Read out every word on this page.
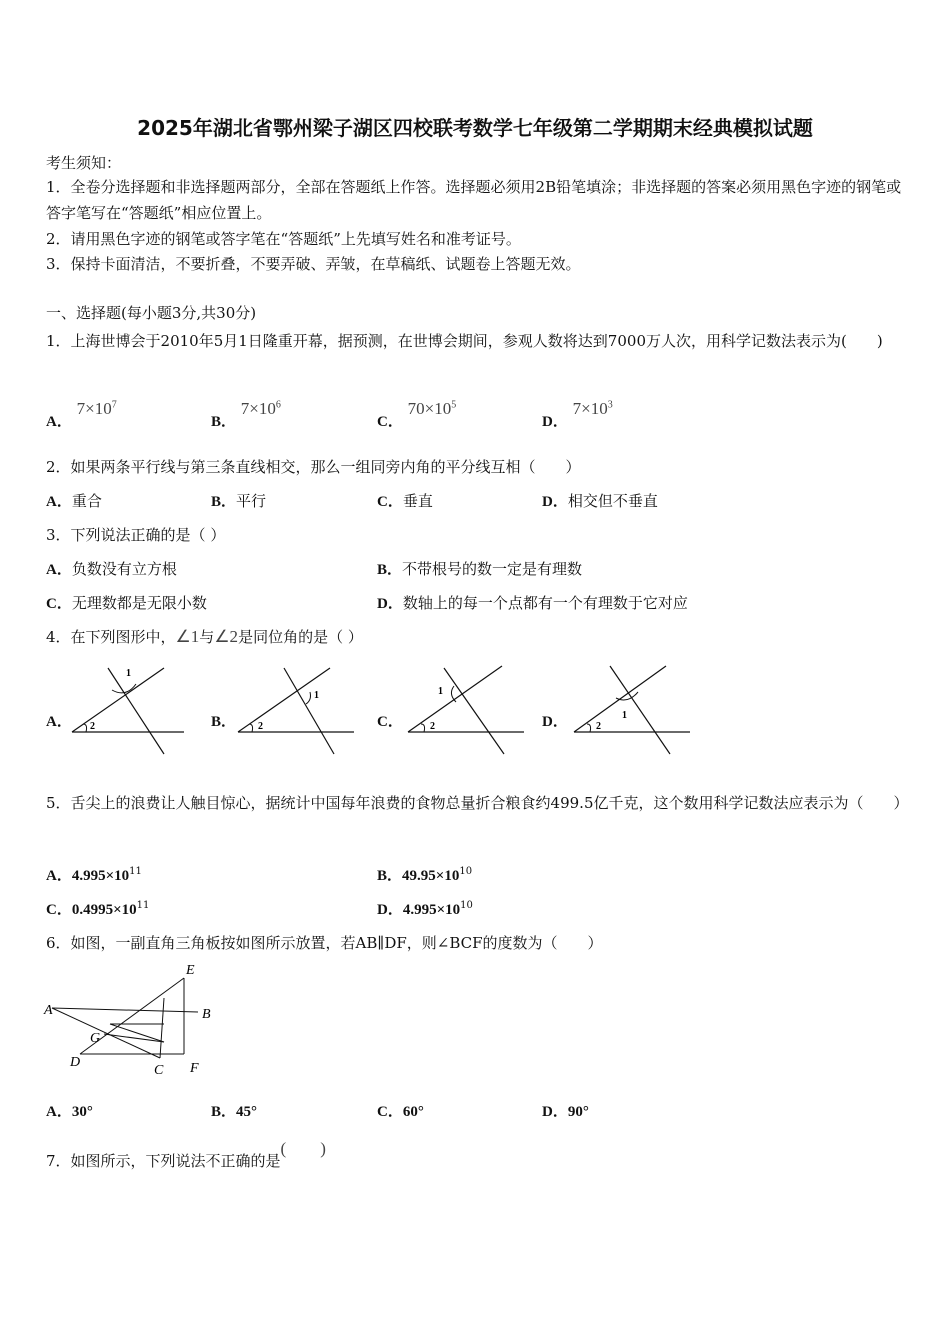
2025年湖北省鄂州梁子湖区四校联考数学七年级第二学期期末经典模拟试题
考生须知：
1．全卷分选择题和非选择题两部分，全部在答题纸上作答。选择题必须用2B铅笔填涂；非选择题的答案必须用黑色字迹的钢笔或答字笔写在“答题纸”相应位置上。
2．请用黑色字迹的钢笔或答字笔在“答题纸”上先填写姓名和准考证号。
3．保持卡面清洁，不要折叠，不要弄破、弄皱，在草稿纸、试题卷上答题无效。
一、选择题(每小题3分,共30分)
1．上海世博会于2010年5月1日隆重开幕，据预测，在世博会期间，参观人数将达到7000万人次，用科学记数法表示为(　　)
A． $7\times 10^7$
B． $7\times 10^6$
C． $70\times 10^5$
D． $7\times 10^3$
2．如果两条平行线与第三条直线相交，那么一组同旁内角的平分线互相（　　）
A．重合	B．平行	C．垂直	D．相交但不垂直
3．下列说法正确的是（ ）
A．负数没有立方根	B．不带根号的数一定是有理数
C．无理数都是无限小数	D．数轴上的每一个点都有一个有理数于它对应
4．在下列图形中，∠1与∠2是同位角的是（ ）
A．
1
2	B．
1
2	C．
1
2	D．	1
2
5．舌尖上的浪费让人触目惊心，据统计中国每年浪费的食物总量折合粮食约499.5亿千克，这个数用科学记数法应表示为（　　）
A．$4.995\times 10^{11}$	B．$49.95\times 10^{10}$
C．$0.4995\times 10^{11}$	D．$4.995\times 10^{10}$
6．如图，一副直角三角板按如图所示放置，若AB∥DF，则∠BCF的度数为（　　）
A	B
C
D
E
F
G
A．30°	B．45°	C．60°	D．90°
7．如图所示，下列说法不正确的是(　　)
